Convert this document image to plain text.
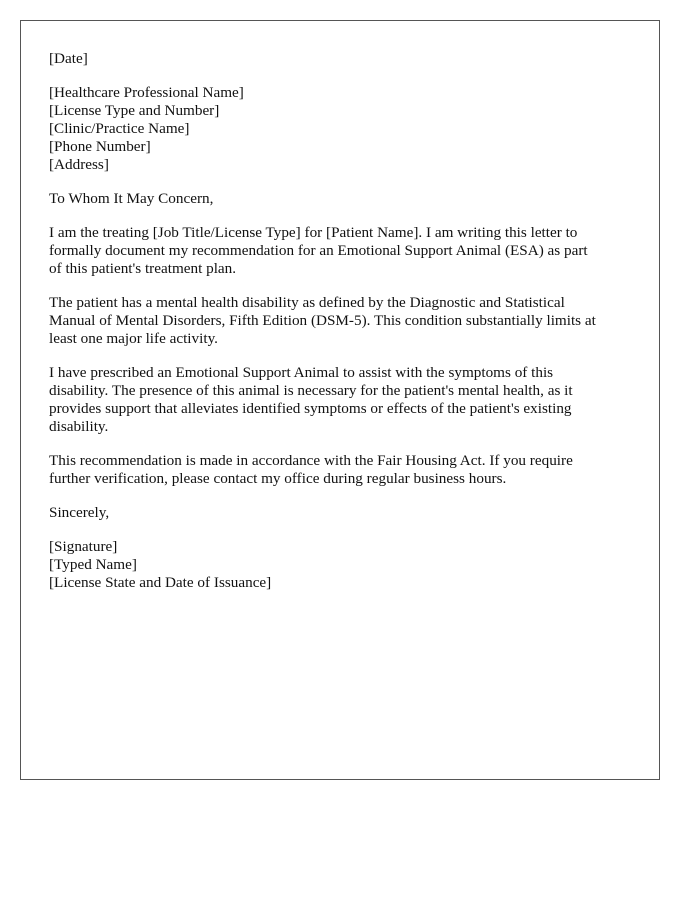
[Date]
[Healthcare Professional Name]
[License Type and Number]
[Clinic/Practice Name]
[Phone Number]
[Address]
To Whom It May Concern,
I am the treating [Job Title/License Type] for [Patient Name]. I am writing this letter to
formally document my recommendation for an Emotional Support Animal (ESA) as part
of this patient's treatment plan.
The patient has a mental health disability as defined by the Diagnostic and Statistical
Manual of Mental Disorders, Fifth Edition (DSM-5). This condition substantially limits at
least one major life activity.
I have prescribed an Emotional Support Animal to assist with the symptoms of this
disability. The presence of this animal is necessary for the patient's mental health, as it
provides support that alleviates identified symptoms or effects of the patient's existing
disability.
This recommendation is made in accordance with the Fair Housing Act. If you require
further verification, please contact my office during regular business hours.
Sincerely,
[Signature]
[Typed Name]
[License State and Date of Issuance]
